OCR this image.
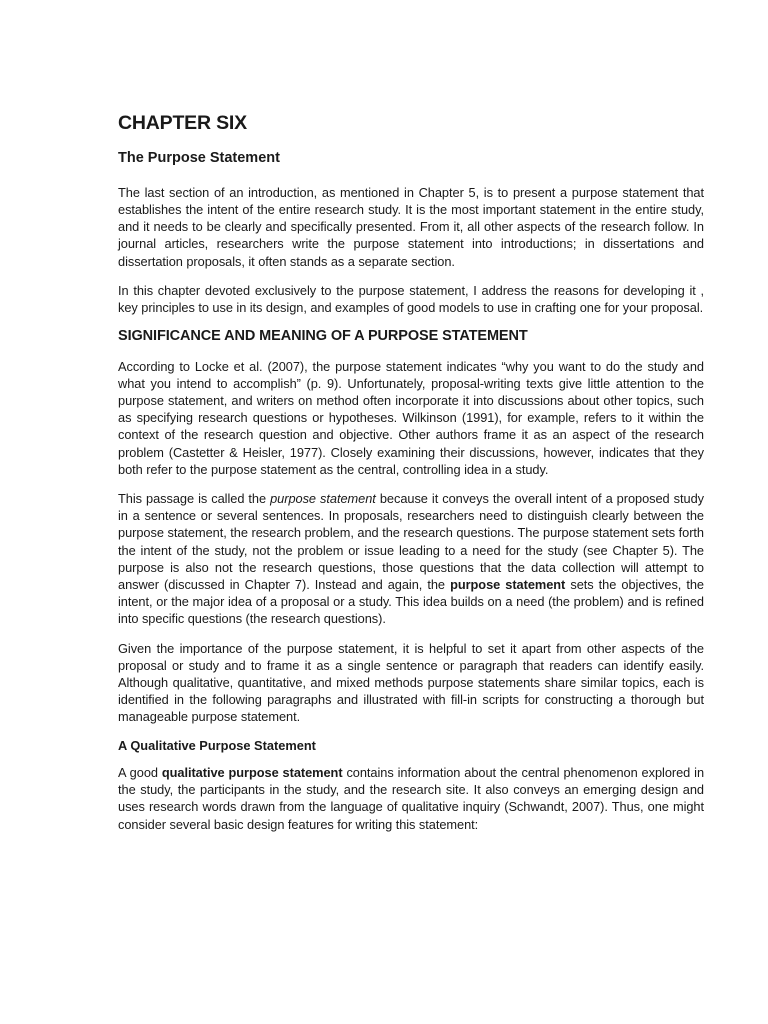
CHAPTER SIX
The Purpose Statement

The last section of an introduction, as mentioned in Chapter 5, is to present a purpose statement that establishes the intent of the entire research study. It is the most important statement in the entire study, and it needs to be clearly and specifically presented. From it, all other aspects of the research follow. In journal articles, researchers write the purpose statement into introductions; in dissertations and dissertation proposals, it often stands as a separate section.

In this chapter devoted exclusively to the purpose statement, I address the reasons for developing it , key principles to use in its design, and examples of good models to use in crafting one for your proposal.

SIGNIFICANCE AND MEANING OF A PURPOSE STATEMENT

According to Locke et al. (2007), the purpose statement indicates “why you want to do the study and what you intend to accomplish” (p. 9). Unfortunately, proposal-writing texts give little attention to the purpose statement, and writers on method often incorporate it into discussions about other topics, such as specifying research questions or hypotheses. Wilkinson (1991), for example, refers to it within the context of the research question and objective. Other authors frame it as an aspect of the research problem (Castetter & Heisler, 1977). Closely examining their discussions, however, indicates that they both refer to the purpose statement as the central, controlling idea in a study.

This passage is called the purpose statement because it conveys the overall intent of a proposed study in a sentence or several sentences. In proposals, researchers need to distinguish clearly between the purpose statement, the research problem, and the research questions. The purpose statement sets forth the intent of the study, not the problem or issue leading to a need for the study (see Chapter 5). The purpose is also not the research questions, those questions that the data collection will attempt to answer (discussed in Chapter 7). Instead and again, the purpose statement sets the objectives, the intent, or the major idea of a proposal or a study. This idea builds on a need (the problem) and is refined into specific questions (the research questions).

Given the importance of the purpose statement, it is helpful to set it apart from other aspects of the proposal or study and to frame it as a single sentence or paragraph that readers can identify easily. Although qualitative, quantitative, and mixed methods purpose statements share similar topics, each is identified in the following paragraphs and illustrated with fill-in scripts for constructing a thorough but manageable purpose statement.

A Qualitative Purpose Statement

A good qualitative purpose statement contains information about the central phenomenon explored in the study, the participants in the study, and the research site. It also conveys an emerging design and uses research words drawn from the language of qualitative inquiry (Schwandt, 2007). Thus, one might consider several basic design features for writing this statement:
